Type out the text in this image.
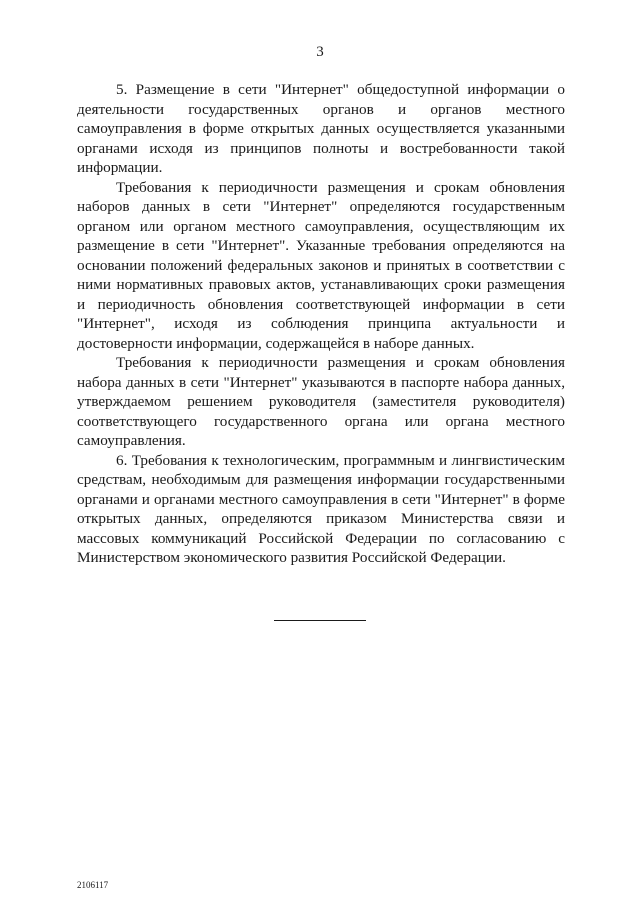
3

5. Размещение в сети "Интернет" общедоступной информации о деятельности государственных органов и органов местного самоуправления в форме открытых данных осуществляется указанными органами исходя из принципов полноты и востребованности такой информации.

Требования к периодичности размещения и срокам обновления наборов данных в сети "Интернет" определяются государственным органом или органом местного самоуправления, осуществляющим их размещение в сети "Интернет". Указанные требования определяются на основании положений федеральных законов и принятых в соответствии с ними нормативных правовых актов, устанавливающих сроки размещения и периодичность обновления соответствующей информации в сети "Интернет", исходя из соблюдения принципа актуальности и достоверности информации, содержащейся в наборе данных.

Требования к периодичности размещения и срокам обновления набора данных в сети "Интернет" указываются в паспорте набора данных, утверждаемом решением руководителя (заместителя руководителя) соответствующего государственного органа или органа местного самоуправления.

6. Требования к технологическим, программным и лингвистическим средствам, необходимым для размещения информации государственными органами и органами местного самоуправления в сети "Интернет" в форме открытых данных, определяются приказом Министерства связи и массовых коммуникаций Российской Федерации по согласованию с Министерством экономического развития Российской Федерации.

2106117
